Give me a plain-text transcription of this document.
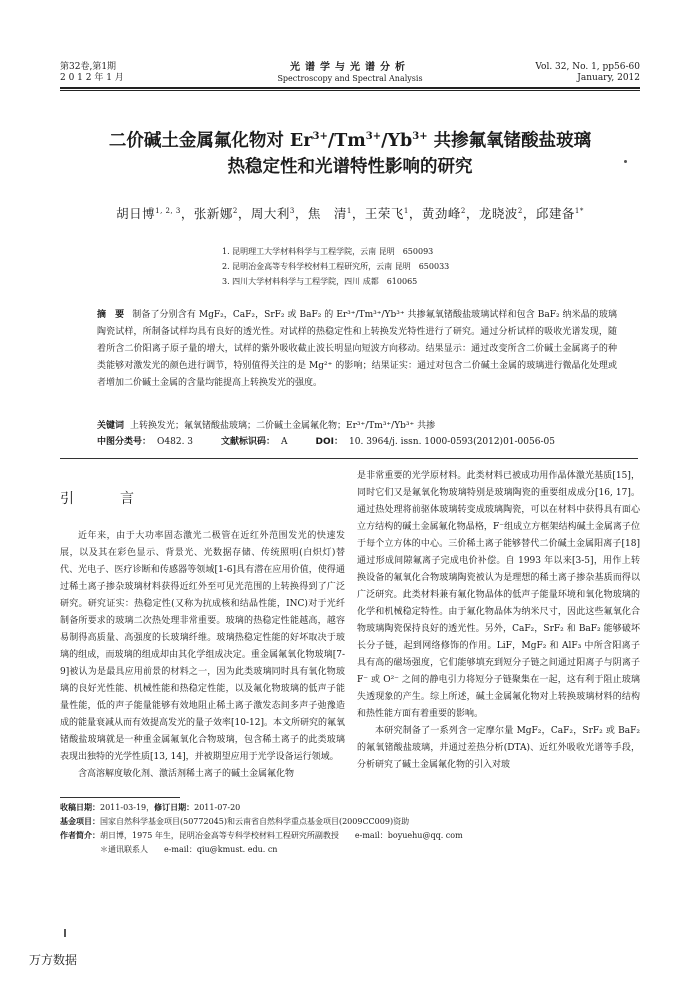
第32卷,第1期
2 0 1 2 年 1 月
光谱学与光谱分析
Spectroscopy and Spectral Analysis
Vol. 32, No. 1, pp56-60
January, 2012
二价碱土金属氟化物对 $Er^{3+}/Tm^{3+}/Yb^{3+}$ 共掺氟氧锗酸盐玻璃
热稳定性和光谱特性影响的研究
胡日博$^{1, 2, 3}$，张新娜$^2$，周大利$^3$，焦　清$^1$，王荣飞$^1$，黄劲峰$^2$，龙晓波$^2$，邱建备$^{1*}$
1. 昆明理工大学材料科学与工程学院，云南 昆明　650093
2. 昆明冶金高等专科学校材料工程研究所，云南 昆明　650033
3. 四川大学材料科学与工程学院，四川 成都　610065
摘　要 制备了分别含有 MgF₂，CaF₂，SrF₂ 或 BaF₂ 的 Er³⁺/Tm³⁺/Yb³⁺ 共掺氟氧锗酸盐玻璃试样和包含 BaF₂ 纳米晶的玻璃陶瓷试样，所制备试样均具有良好的透光性。对试样的热稳定性和上转换发光特性进行了研究。通过分析试样的吸收光谱发现，随着所含二价阳离子原子量的增大，试样的紫外吸收截止波长明显向短波方向移动。结果显示：通过改变所含二价碱土金属离子的种类能够对激发光的颜色进行调节，特别值得关注的是 Mg²⁺ 的影响；结果证实：通过对包含二价碱土金属的玻璃进行微晶化处理或者增加二价碱土金属的含量均能提高上转换发光的强度。
关键词 上转换发光；氟氧锗酸盐玻璃；二价碱土金属氟化物；Er³⁺/Tm³⁺/Yb³⁺ 共掺
中图分类号： O482. 3	文献标识码： A	DOI： 10. 3964/j. issn. 1000-0593(2012)01-0056-05
引　言

近年来，由于大功率固态激光二极管在近红外范围发光的快速发展，以及其在彩色显示、背景光、光数据存储、传统照明(白炽灯)替代、光电子、医疗诊断和传感器等领域[1-6]具有潜在应用价值，使得通过稀土离子掺杂玻璃材料获得近红外至可见光范围的上转换得到了广泛研究。研究证实：热稳定性(又称为抗成核和结晶性能，INC)对于光纤制备所要求的玻璃二次热处理非常重要。玻璃的热稳定性能越高，越容易制得高质量、高强度的长玻璃纤维。玻璃热稳定性能的好坏取决于玻璃的组成，而玻璃的组成却由其化学组成决定。重金属氟氧化物玻璃[7-9]被认为是最具应用前景的材料之一，因为此类玻璃同时具有氧化物玻璃的良好光性能、机械性能和热稳定性能，以及氟化物玻璃的低声子能量性能，低的声子能量能够有效地阻止稀土离子激发态间多声子弛豫造成的能量衰减从而有效提高发光的量子效率[10-12]。本文所研究的氟氧锗酸盐玻璃就是一种重金属氟氧化合物玻璃，包含稀土离子的此类玻璃表现出独特的光学性质[13, 14]，并被期望应用于光学设备运行领域。

含高溶解度敏化剂、激活剂稀土离子的碱土金属氟化物

是非常重要的光学原材料。此类材料已被成功用作晶体激光基质[15]，同时它们又是氟氧化物玻璃特别是玻璃陶瓷的重要组成成分[16, 17]。通过热处理将前驱体玻璃转变成玻璃陶瓷，可以在材料中获得具有面心立方结构的碱土金属氟化物晶格，F⁻组成立方框架结构碱土金属离子位于每个立方体的中心。三价稀土离子能够替代二价碱土金属阳离子[18]通过形成间隙氟离子完成电价补偿。自 1993 年以来[3-5]，用作上转换设备的氟氧化合物玻璃陶瓷被认为是理想的稀土离子掺杂基质而得以广泛研究。此类材料兼有氟化物晶体的低声子能量环境和氧化物玻璃的化学和机械稳定特性。由于氟化物晶体为纳米尺寸，因此这些氟氧化合物玻璃陶瓷保持良好的透光性。另外，CaF₂，SrF₂ 和 BaF₂ 能够破坏长分子链，起到网络修饰的作用。LiF，MgF₂ 和 AlF₃ 中所含阳离子具有高的磁场强度，它们能够填充到短分子链之间通过阳离子与阴离子 F⁻ 或 O²⁻ 之间的静电引力将短分子链聚集在一起，这有利于阻止玻璃失透现象的产生。综上所述，碱土金属氟化物对上转换玻璃材料的结构和热性能方面有着重要的影响。

本研究制备了一系列含一定摩尔量 MgF₂，CaF₂，SrF₂ 或 BaF₂ 的氟氧锗酸盐玻璃，并通过差热分析(DTA)、近红外吸收光谱等手段，分析研究了碱土金属氟化物的引入对玻

收稿日期：2011-03-19，修订日期：2011-07-20
基金项目：国家自然科学基金项目(50772045)和云南省自然科学重点基金项目(2009CC009)资助
作者简介：胡日博，1975 年生，昆明冶金高等专科学校材料工程研究所副教授　　e-mail：boyuehu@qq. com
＊通讯联系人　　e-mail：qiu@kmust. edu. cn
万方数据
